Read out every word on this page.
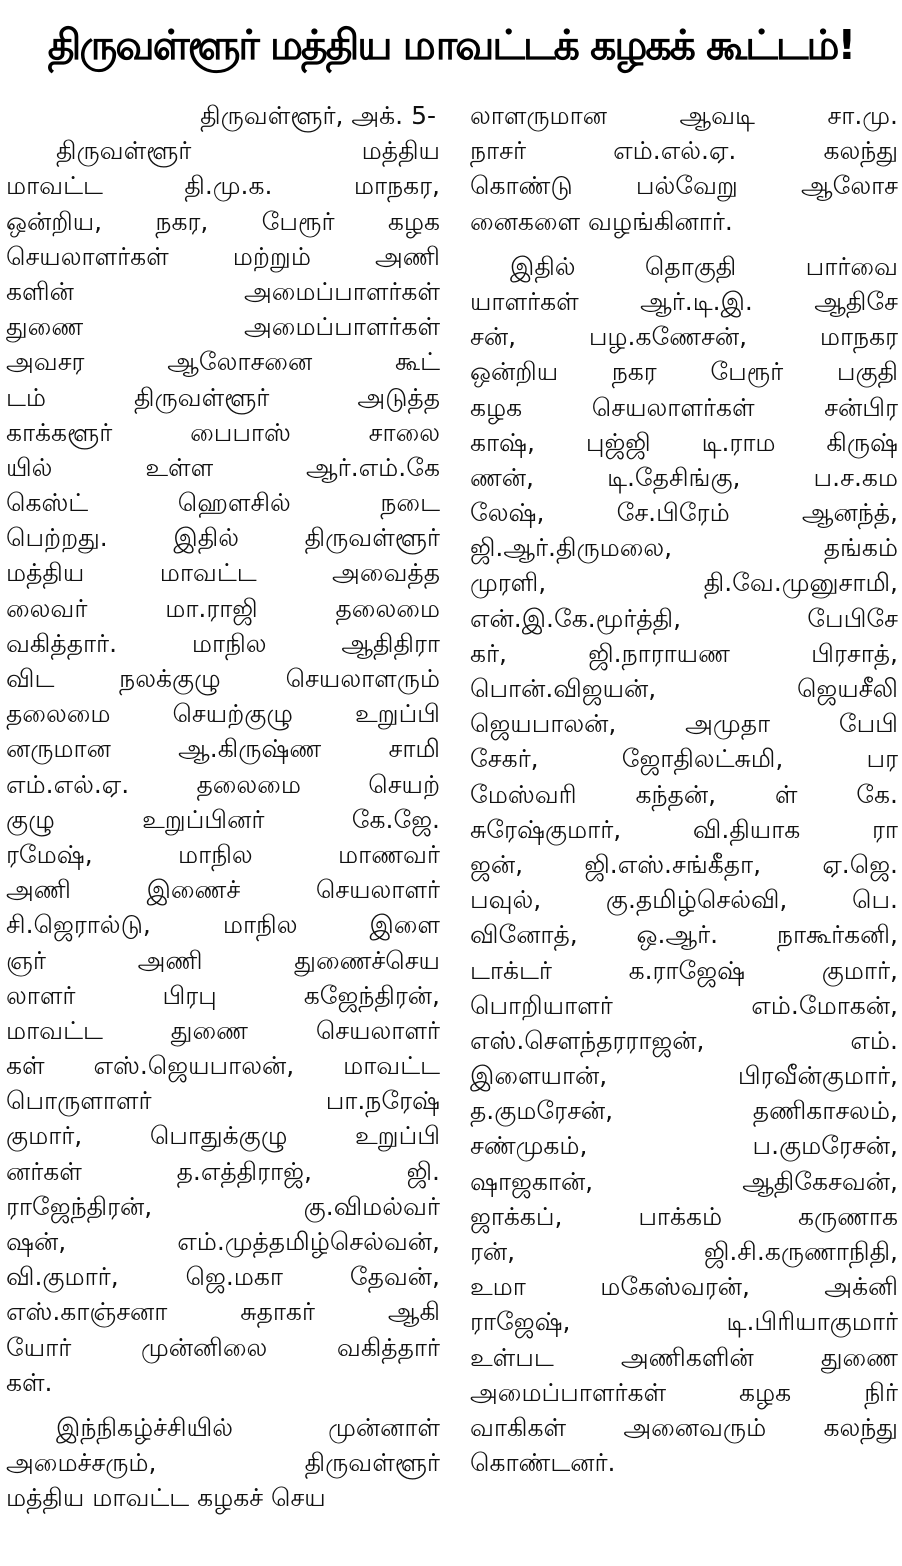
திருவள்ளூர் மத்திய மாவட்டக் கழகக் கூட்டம்!
திருவள்ளூர், அக். 5-
திருவள்ளூர் மத்திய
மாவட்ட தி.மு.க. மாநகர,
ஒன்றிய, நகர, பேரூர் கழக
செயலாளர்கள் மற்றும் அணி
களின் அமைப்பாளர்கள்
துணை அமைப்பாளர்கள்
அவசர ஆலோசனை கூட்
டம் திருவள்ளூர் அடுத்த
காக்களூர் பைபாஸ் சாலை
யில் உள்ள ஆர்.எம்.கே
கெஸ்ட் ஹௌசில் நடை
பெற்றது. இதில் திருவள்ளூர்
மத்திய மாவட்ட அவைத்த
லைவர் மா.ராஜி தலைமை
வகித்தார். மாநில ஆதிதிரா
விட நலக்குழு செயலாளரும்
தலைமை செயற்குழு உறுப்பி
னருமான ஆ.கிருஷ்ண சாமி
எம்.எல்.ஏ. தலைமை செயற்
குழு உறுப்பினர் கே.ஜே.
ரமேஷ், மாநில மாணவர்
அணி இணைச் செயலாளர்
சி.ஜெரால்டு, மாநில இளை
ஞர் அணி துணைச்செய
லாளர் பிரபு கஜேந்திரன்,
மாவட்ட துணை செயலாளர்
கள் எஸ்.ஜெயபாலன், மாவட்ட
பொருளாளர் பா.நரேஷ்
குமார், பொதுக்குழு உறுப்பி
னர்கள் த.எத்திராஜ், ஜி.
ராஜேந்திரன், கு.விமல்வர்
ஷன், எம்.முத்தமிழ்செல்வன்,
வி.குமார், ஜெ.மகா தேவன்,
எஸ்.காஞ்சனா சுதாகர் ஆகி
யோர் முன்னிலை வகித்தார்
கள்.
இந்நிகழ்ச்சியில் முன்னாள்
அமைச்சரும், திருவள்ளூர்
மத்திய மாவட்ட கழகச் செய
லாளருமான ஆவடி சா.மு.
நாசர் எம்.எல்.ஏ. கலந்து
கொண்டு பல்வேறு ஆலோச
னைகளை வழங்கினார்.
இதில் தொகுதி பார்வை
யாளர்கள் ஆர்.டி.இ. ஆதிசே
சன், பழ.கணேசன், மாநகர
ஒன்றிய நகர பேரூர் பகுதி
கழக செயலாளர்கள் சன்பிர
காஷ், புஜ்ஜி டி.ராம கிருஷ்
ணன், டி.தேசிங்கு, ப.ச.கம
லேஷ், சே.பிரேம் ஆனந்த்,
ஜி.ஆர்.திருமலை, தங்கம்
முரளி, தி.வே.முனுசாமி,
என்.இ.கே.மூர்த்தி, பேபிசே
கர், ஜி.நாராயண பிரசாத்,
பொன்.விஜயன், ஜெயசீலி
ஜெயபாலன், அமுதா பேபி
சேகர், ஜோதிலட்சுமி, பர
மேஸ்வரி கந்தன், ள் கே.
சுரேஷ்குமார், வி.தியாக ரா
ஜன், ஜி.எஸ்.சங்கீதா, ஏ.ஜெ.
பவுல், கு.தமிழ்செல்வி, பெ.
வினோத், ஒ.ஆர். நாகூர்கனி,
டாக்டர் க.ராஜேஷ் குமார்,
பொறியாளர் எம்.மோகன்,
எஸ்.சௌந்தரராஜன், எம்.
இளையான், பிரவீன்குமார்,
த.குமரேசன், தணிகாசலம்,
சண்முகம், ப.குமரேசன்,
ஷாஜகான், ஆதிகேசவன்,
ஜாக்கப், பாக்கம் கருணாக
ரன், ஜி.சி.கருணாநிதி,
உமா மகேஸ்வரன், அக்னி
ராஜேஷ், டி.பிரியாகுமார்
உள்பட அணிகளின் துணை
அமைப்பாளர்கள் கழக நிர்
வாகிகள் அனைவரும் கலந்து
கொண்டனர்.
